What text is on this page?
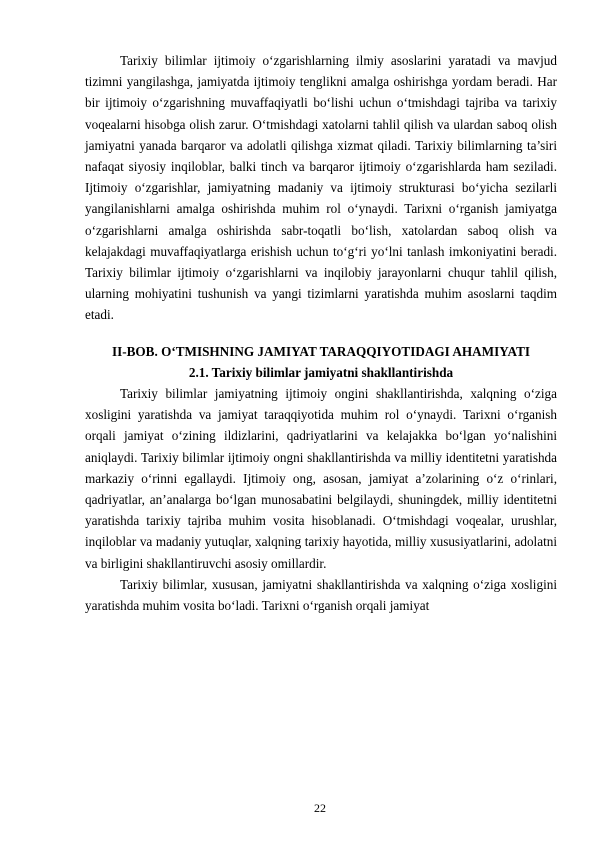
Tarixiy bilimlar ijtimoiy o‘zgarishlarning ilmiy asoslarini yaratadi va mavjud tizimni yangilashga, jamiyatda ijtimoiy tenglikni amalga oshirishga yordam beradi. Har bir ijtimoiy o‘zgarishning muvaffaqiyatli bo‘lishi uchun o‘tmishdagi tajriba va tarixiy voqealarni hisobga olish zarur. O‘tmishdagi xatolarni tahlil qilish va ulardan saboq olish jamiyatni yanada barqaror va adolatli qilishga xizmat qiladi. Tarixiy bilimlarning ta’siri nafaqat siyosiy inqiloblar, balki tinch va barqaror ijtimoiy o‘zgarishlarda ham seziladi. Ijtimoiy o‘zgarishlar, jamiyatning madaniy va ijtimoiy strukturasi bo‘yicha sezilarli yangilanishlarni amalga oshirishda muhim rol o‘ynaydi. Tarixni o‘rganish jamiyatga o‘zgarishlarni amalga oshirishda sabr-toqatli bo‘lish, xatolardan saboq olish va kelajakdagi muvaffaqiyatlarga erishish uchun to‘g‘ri yo‘lni tanlash imkoniyatini beradi. Tarixiy bilimlar ijtimoiy o‘zgarishlarni va inqilobiy jarayonlarni chuqur tahlil qilish, ularning mohiyatini tushunish va yangi tizimlarni yaratishda muhim asoslarni taqdim etadi.

II-BOB. O‘TMISHNING JAMIYAT TARAQQIYOTIDAGI AHAMIYATI
2.1. Tarixiy bilimlar jamiyatni shakllantirishda

Tarixiy bilimlar jamiyatning ijtimoiy ongini shakllantirishda, xalqning o‘ziga xosligini yaratishda va jamiyat taraqqiyotida muhim rol o‘ynaydi. Tarixni o‘rganish orqali jamiyat o‘zining ildizlarini, qadriyatlarini va kelajakka bo‘lgan yo‘nalishini aniqlaydi. Tarixiy bilimlar ijtimoiy ongni shakllantirishda va milliy identitetni yaratishda markaziy o‘rinni egallaydi. Ijtimoiy ong, asosan, jamiyat a’zolarining o‘z o‘rinlari, qadriyatlar, an’analarga bo‘lgan munosabatini belgilaydi, shuningdek, milliy identitetni yaratishda tarixiy tajriba muhim vosita hisoblanadi. O‘tmishdagi voqealar, urushlar, inqiloblar va madaniy yutuqlar, xalqning tarixiy hayotida, milliy xususiyatlarini, adolatni va birligini shakllantiruvchi asosiy omillardir.

Tarixiy bilimlar, xususan, jamiyatni shakllantirishda va xalqning o‘ziga xosligini yaratishda muhim vosita bo‘ladi. Tarixni o‘rganish orqali jamiyat

22
